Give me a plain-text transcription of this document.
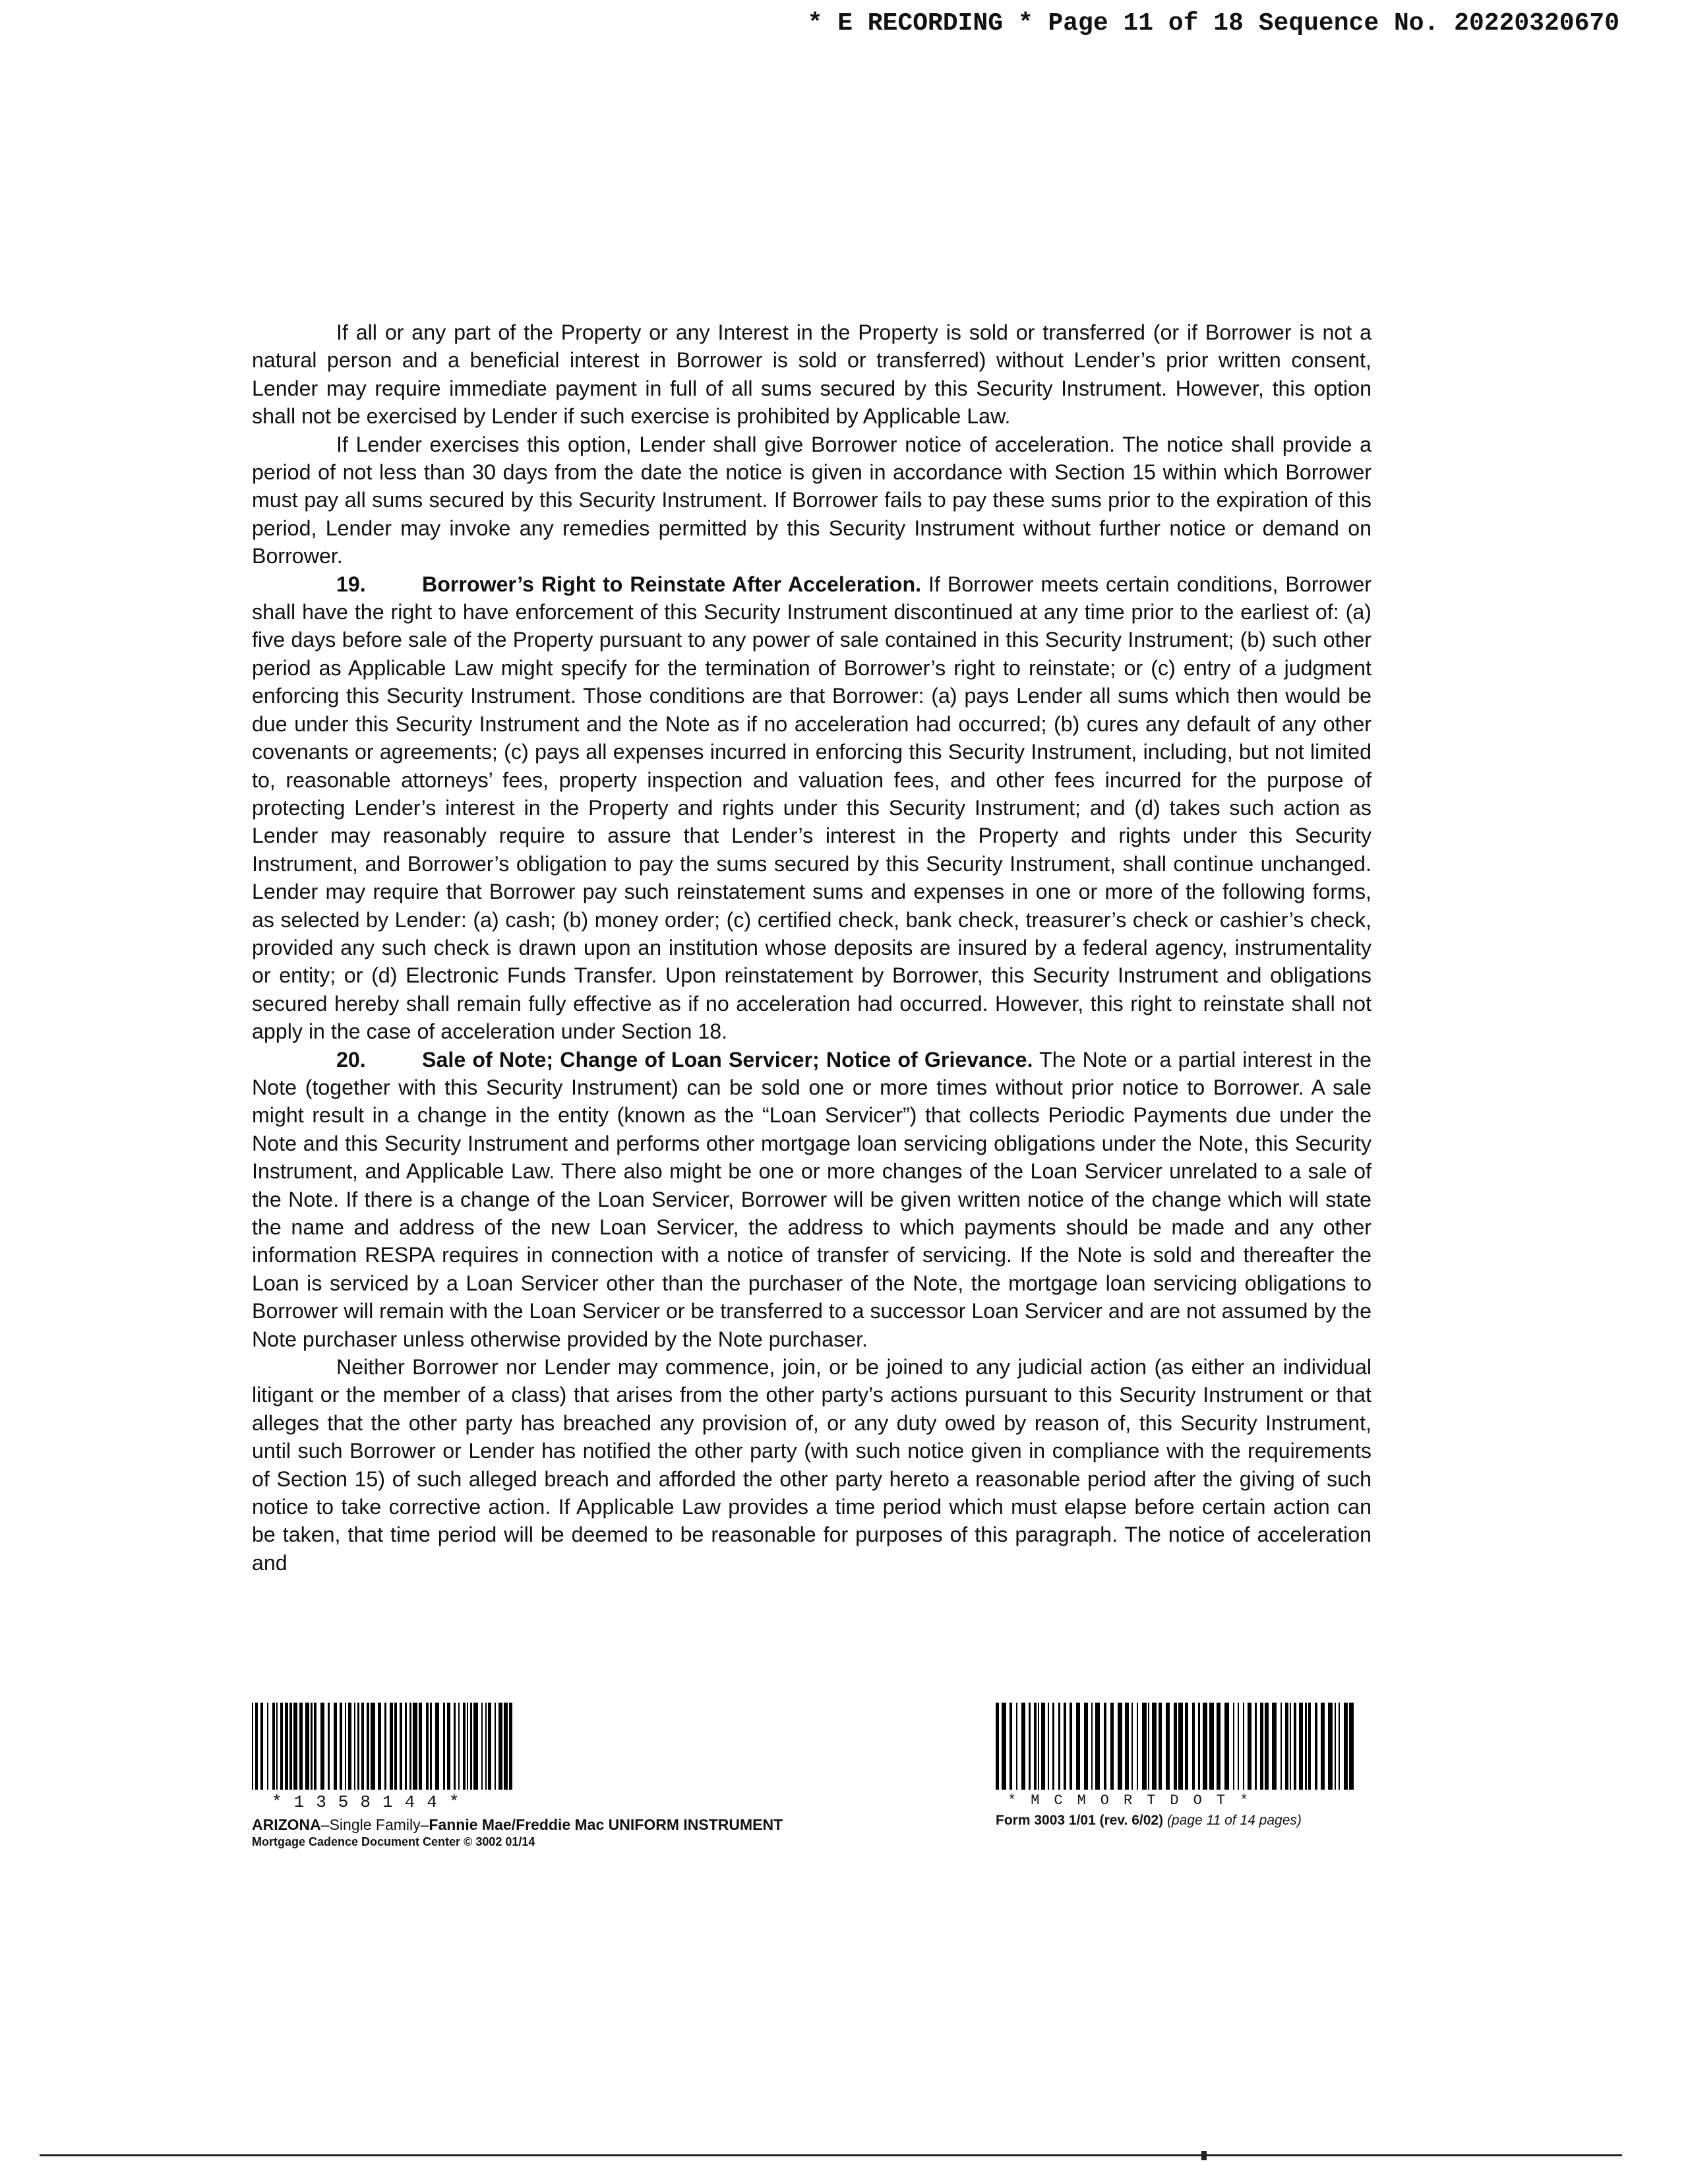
* E RECORDING * Page 11 of 18 Sequence No. 20220320670

If all or any part of the Property or any Interest in the Property is sold or transferred (or if Borrower is not a natural person and a beneficial interest in Borrower is sold or transferred) without Lender’s prior written consent, Lender may require immediate payment in full of all sums secured by this Security Instrument. However, this option shall not be exercised by Lender if such exercise is prohibited by Applicable Law.

If Lender exercises this option, Lender shall give Borrower notice of acceleration. The notice shall provide a period of not less than 30 days from the date the notice is given in accordance with Section 15 within which Borrower must pay all sums secured by this Security Instrument. If Borrower fails to pay these sums prior to the expiration of this period, Lender may invoke any remedies permitted by this Security Instrument without further notice or demand on Borrower.

19.	Borrower’s Right to Reinstate After Acceleration. If Borrower meets certain conditions, Borrower shall have the right to have enforcement of this Security Instrument discontinued at any time prior to the earliest of: (a) five days before sale of the Property pursuant to any power of sale contained in this Security Instrument; (b) such other period as Applicable Law might specify for the termination of Borrower’s right to reinstate; or (c) entry of a judgment enforcing this Security Instrument. Those conditions are that Borrower: (a) pays Lender all sums which then would be due under this Security Instrument and the Note as if no acceleration had occurred; (b) cures any default of any other covenants or agreements; (c) pays all expenses incurred in enforcing this Security Instrument, including, but not limited to, reasonable attorneys’ fees, property inspection and valuation fees, and other fees incurred for the purpose of protecting Lender’s interest in the Property and rights under this Security Instrument; and (d) takes such action as Lender may reasonably require to assure that Lender’s interest in the Property and rights under this Security Instrument, and Borrower’s obligation to pay the sums secured by this Security Instrument, shall continue unchanged. Lender may require that Borrower pay such reinstatement sums and expenses in one or more of the following forms, as selected by Lender: (a) cash; (b) money order; (c) certified check, bank check, treasurer’s check or cashier’s check, provided any such check is drawn upon an institution whose deposits are insured by a federal agency, instrumentality or entity; or (d) Electronic Funds Transfer. Upon reinstatement by Borrower, this Security Instrument and obligations secured hereby shall remain fully effective as if no acceleration had occurred. However, this right to reinstate shall not apply in the case of acceleration under Section 18.

20.	Sale of Note; Change of Loan Servicer; Notice of Grievance. The Note or a partial interest in the Note (together with this Security Instrument) can be sold one or more times without prior notice to Borrower. A sale might result in a change in the entity (known as the “Loan Servicer”) that collects Periodic Payments due under the Note and this Security Instrument and performs other mortgage loan servicing obligations under the Note, this Security Instrument, and Applicable Law. There also might be one or more changes of the Loan Servicer unrelated to a sale of the Note. If there is a change of the Loan Servicer, Borrower will be given written notice of the change which will state the name and address of the new Loan Servicer, the address to which payments should be made and any other information RESPA requires in connection with a notice of transfer of servicing. If the Note is sold and thereafter the Loan is serviced by a Loan Servicer other than the purchaser of the Note, the mortgage loan servicing obligations to Borrower will remain with the Loan Servicer or be transferred to a successor Loan Servicer and are not assumed by the Note purchaser unless otherwise provided by the Note purchaser.

Neither Borrower nor Lender may commence, join, or be joined to any judicial action (as either an individual litigant or the member of a class) that arises from the other party’s actions pursuant to this Security Instrument or that alleges that the other party has breached any provision of, or any duty owed by reason of, this Security Instrument, until such Borrower or Lender has notified the other party (with such notice given in compliance with the requirements of Section 15) of such alleged breach and afforded the other party hereto a reasonable period after the giving of such notice to take corrective action. If Applicable Law provides a time period which must elapse before certain action can be taken, that time period will be deemed to be reasonable for purposes of this paragraph. The notice of acceleration and

*1358144*
ARIZONA–Single Family–Fannie Mae/Freddie Mac UNIFORM INSTRUMENT
Mortgage Cadence Document Center © 3002 01/14
*MCMORTDOT*
Form 3003 1/01 (rev. 6/02) (page 11 of 14 pages)
